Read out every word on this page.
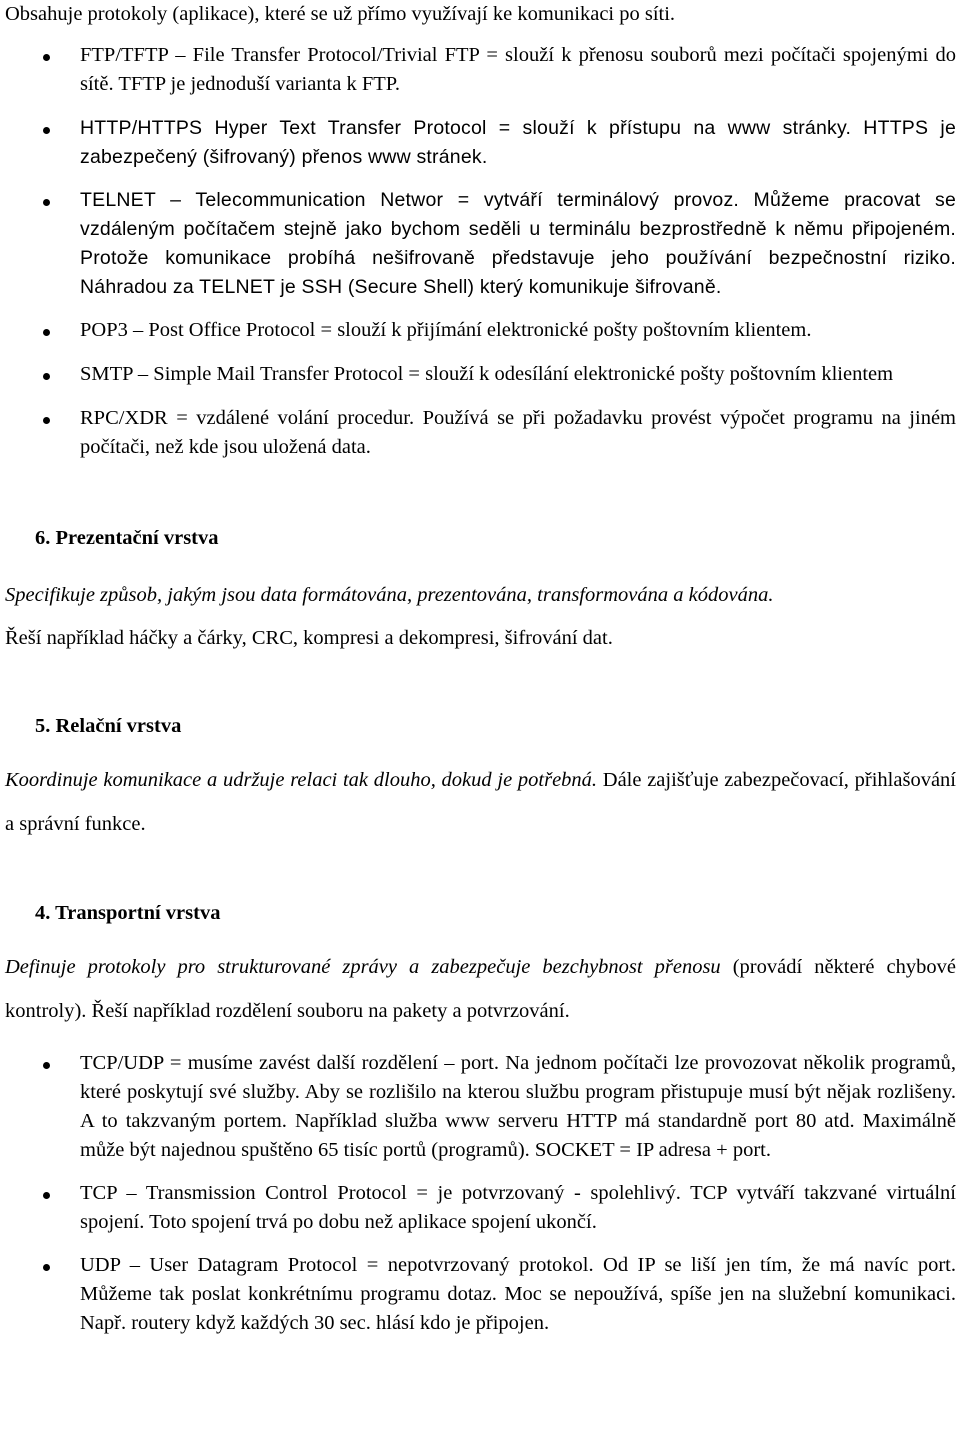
Obsahuje protokoly (aplikace), které se už přímo využívají ke komunikaci po síti.

FTP/TFTP – File Transfer Protocol/Trivial FTP = slouží k přenosu souborů mezi počítači spojenými do sítě. TFTP je jednoduší varianta k FTP.
HTTP/HTTPS Hyper Text Transfer Protocol = slouží k přístupu na www stránky. HTTPS je zabezpečený (šifrovaný) přenos www stránek.
TELNET – Telecommunication Networ = vytváří terminálový provoz. Můžeme pracovat se vzdáleným počítačem stejně jako bychom seděli u terminálu bezprostředně k němu připojeném. Protože komunikace probíhá nešifrovaně představuje jeho používání bezpečnostní riziko. Náhradou za TELNET je SSH (Secure Shell) který komunikuje šifrovaně.
POP3 – Post Office Protocol = slouží k přijímání elektronické pošty poštovním klientem.
SMTP – Simple Mail Transfer Protocol = slouží k odesílání elektronické pošty poštovním klientem
RPC/XDR = vzdálené volání procedur. Používá se při požadavku provést výpočet programu na jiném počítači, než kde jsou uložená data.
6. Prezentační vrstva

Specifikuje způsob, jakým jsou data formátována, prezentována, transformována a kódována.

Řeší například háčky a čárky, CRC, kompresi a dekompresi, šifrování dat.

5. Relační vrstva

Koordinuje komunikace a udržuje relaci tak dlouho, dokud je potřebná. Dále zajišťuje zabezpečovací, přihlašování a správní funkce.

4. Transportní vrstva

Definuje protokoly pro strukturované zprávy a zabezpečuje bezchybnost přenosu (provádí některé chybové kontroly). Řeší například rozdělení souboru na pakety a potvrzování.

TCP/UDP = musíme zavést další rozdělení – port. Na jednom počítači lze provozovat několik programů, které poskytují své služby. Aby se rozlišilo na kterou službu program přistupuje musí být nějak rozlišeny. A to takzvaným portem. Například služba www serveru HTTP má standardně port 80 atd. Maximálně může být najednou spuštěno 65 tisíc portů (programů). SOCKET = IP adresa + port.
TCP – Transmission Control Protocol = je potvrzovaný - spolehlivý. TCP vytváří takzvané virtuální spojení. Toto spojení trvá po dobu než aplikace spojení ukončí.
UDP – User Datagram Protocol = nepotvrzovaný protokol. Od IP se liší jen tím, že má navíc port. Můžeme tak poslat konkrétnímu programu dotaz. Moc se nepoužívá, spíše jen na služební komunikaci. Např. routery když každých 30 sec. hlásí kdo je připojen.
